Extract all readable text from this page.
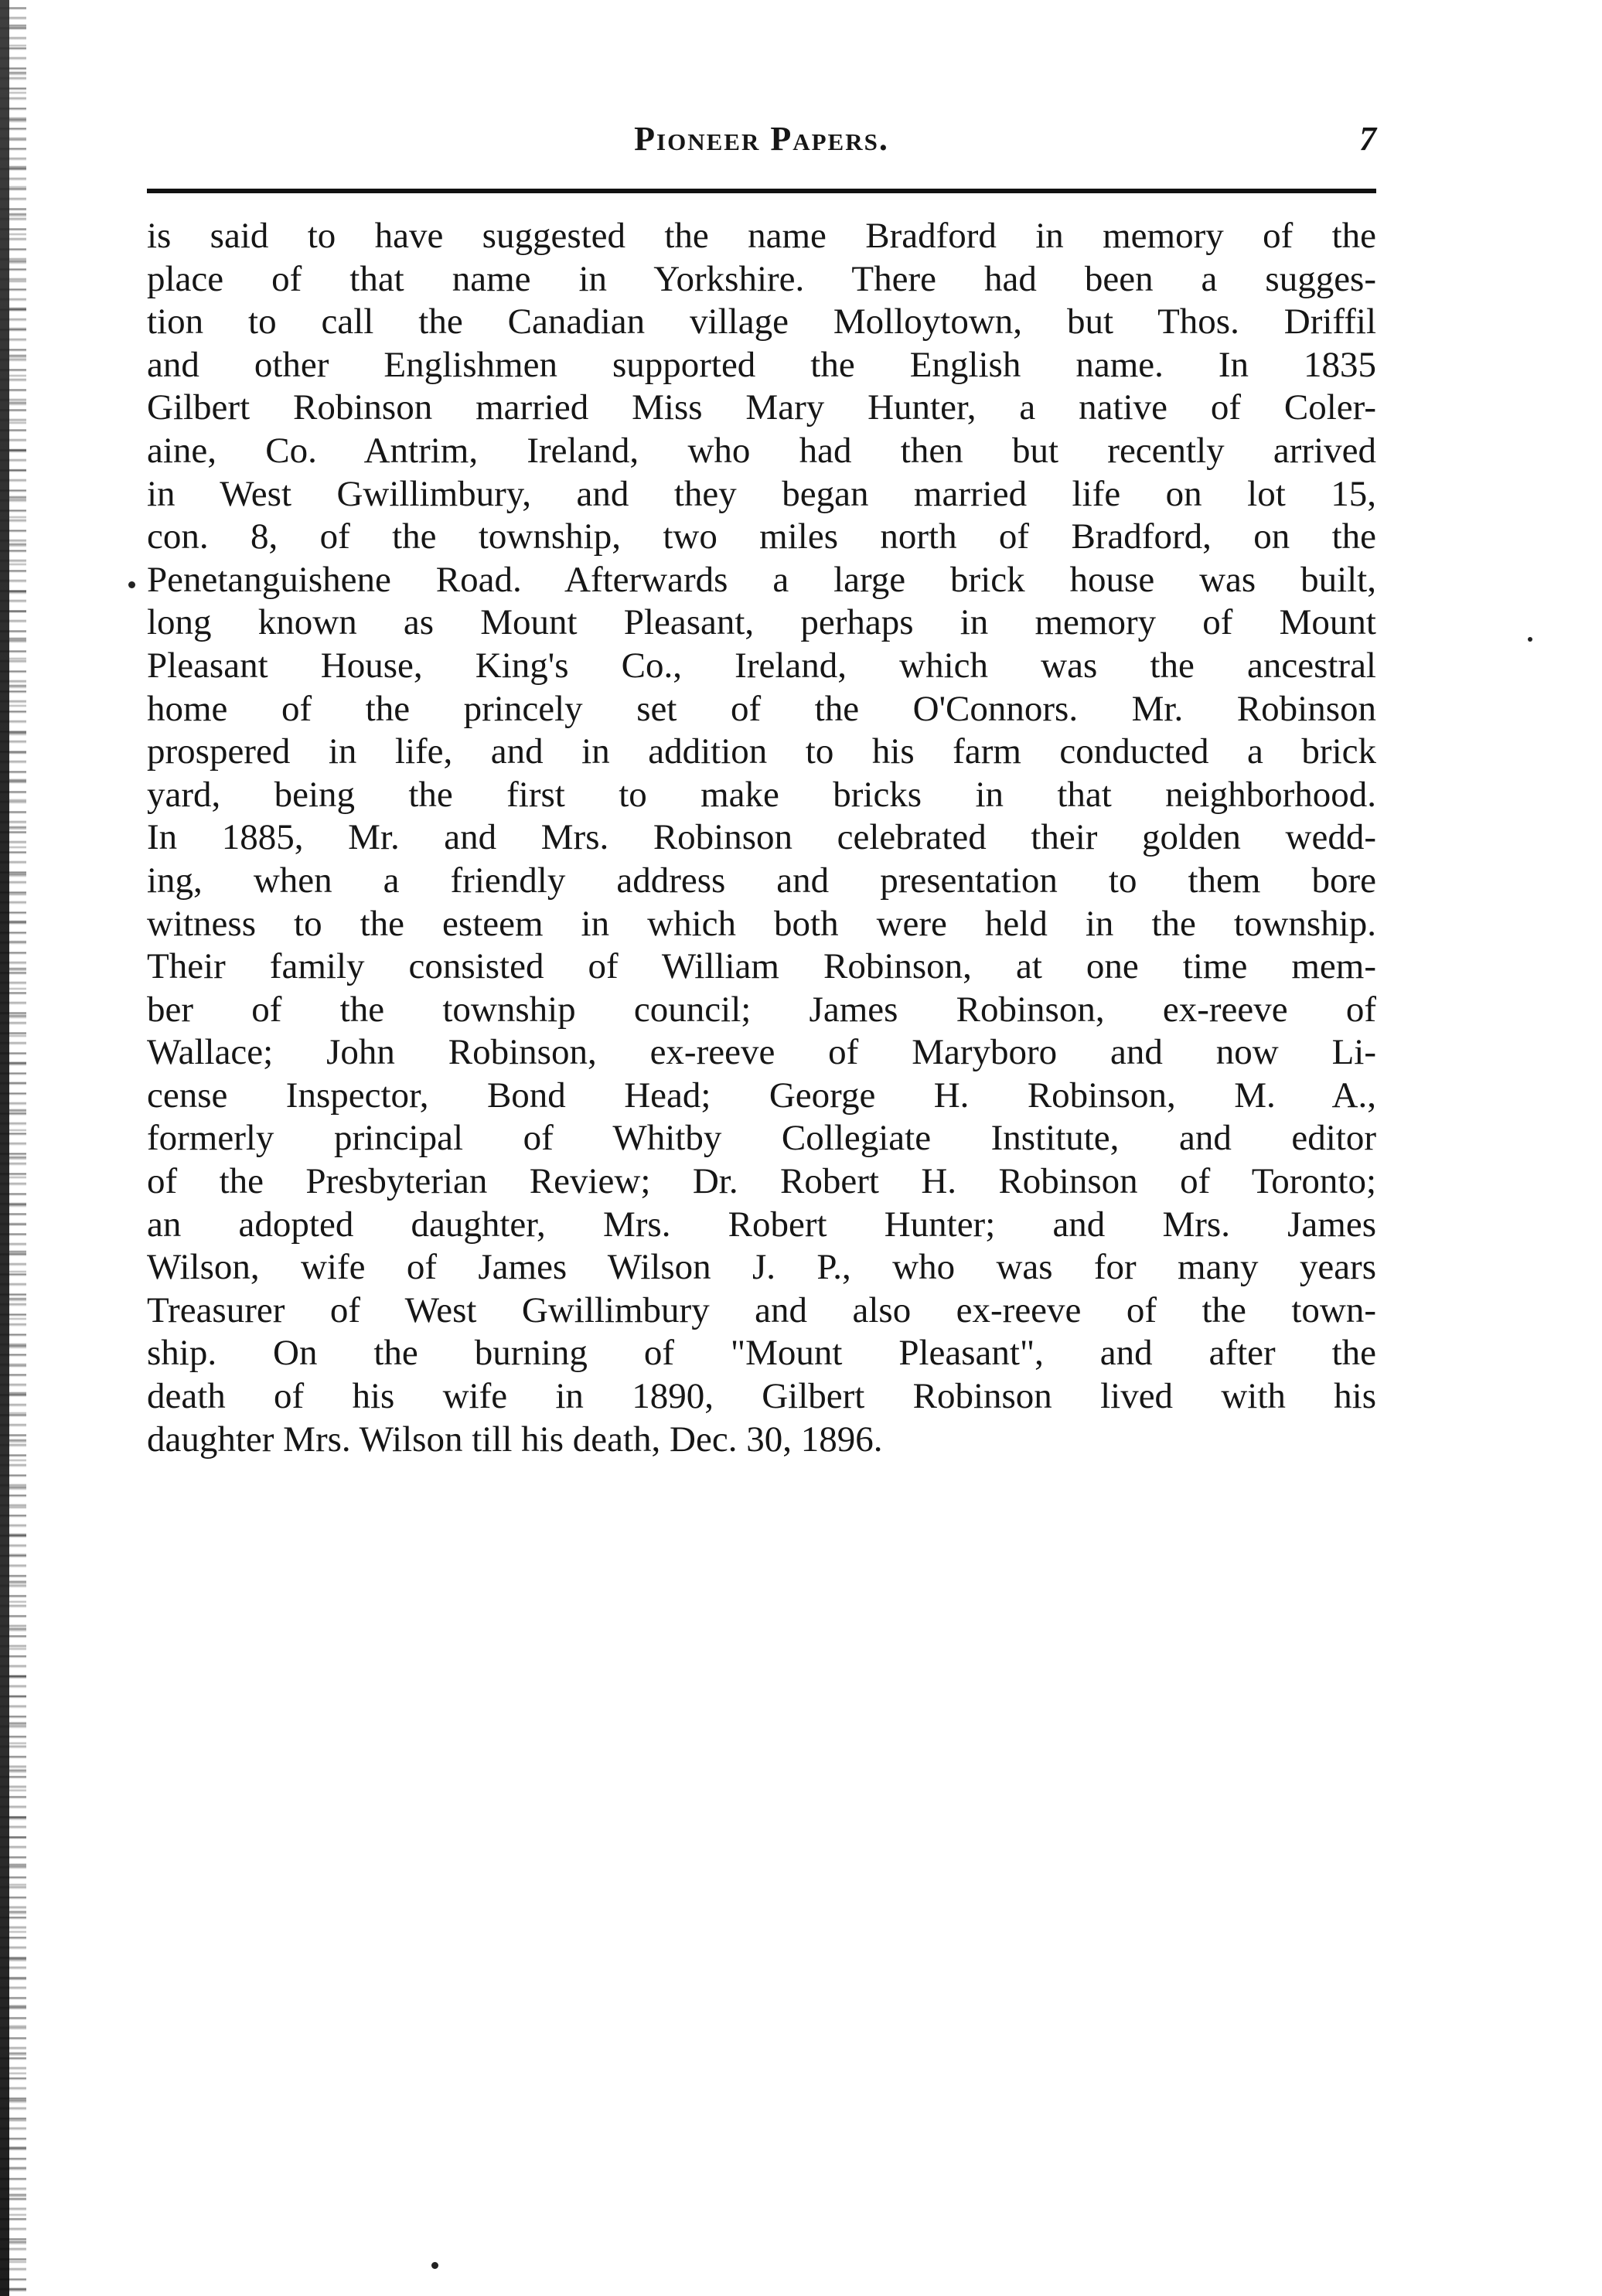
Pioneer Papers.	7
is said to have suggested the name Bradford in memory of the
place of that name in Yorkshire. There had been a sugges-
tion to call the Canadian village Molloytown, but Thos. Driffil
and other Englishmen supported the English name. In 1835
Gilbert Robinson married Miss Mary Hunter, a native of Coler-
aine, Co. Antrim, Ireland, who had then but recently arrived
in West Gwillimbury, and they began married life on lot 15,
con. 8, of the township, two miles north of Bradford, on the
Penetanguishene Road. Afterwards a large brick house was built,
long known as Mount Pleasant, perhaps in memory of Mount
Pleasant House, King's Co., Ireland, which was the ancestral
home of the princely set of the O'Connors. Mr. Robinson
prospered in life, and in addition to his farm conducted a brick
yard, being the first to make bricks in that neighborhood.
In 1885, Mr. and Mrs. Robinson celebrated their golden wedd-
ing, when a friendly address and presentation to them bore
witness to the esteem in which both were held in the township.
Their family consisted of William Robinson, at one time mem-
ber of the township council; James Robinson, ex-reeve of
Wallace; John Robinson, ex-reeve of Maryboro and now Li-
cense Inspector, Bond Head; George H. Robinson, M. A.,
formerly principal of Whitby Collegiate Institute, and editor
of the Presbyterian Review; Dr. Robert H. Robinson of Toronto;
an adopted daughter, Mrs. Robert Hunter; and Mrs. James
Wilson, wife of James Wilson J. P., who was for many years
Treasurer of West Gwillimbury and also ex-reeve of the town-
ship. On the burning of "Mount Pleasant", and after the
death of his wife in 1890, Gilbert Robinson lived with his
daughter Mrs. Wilson till his death, Dec. 30, 1896.
